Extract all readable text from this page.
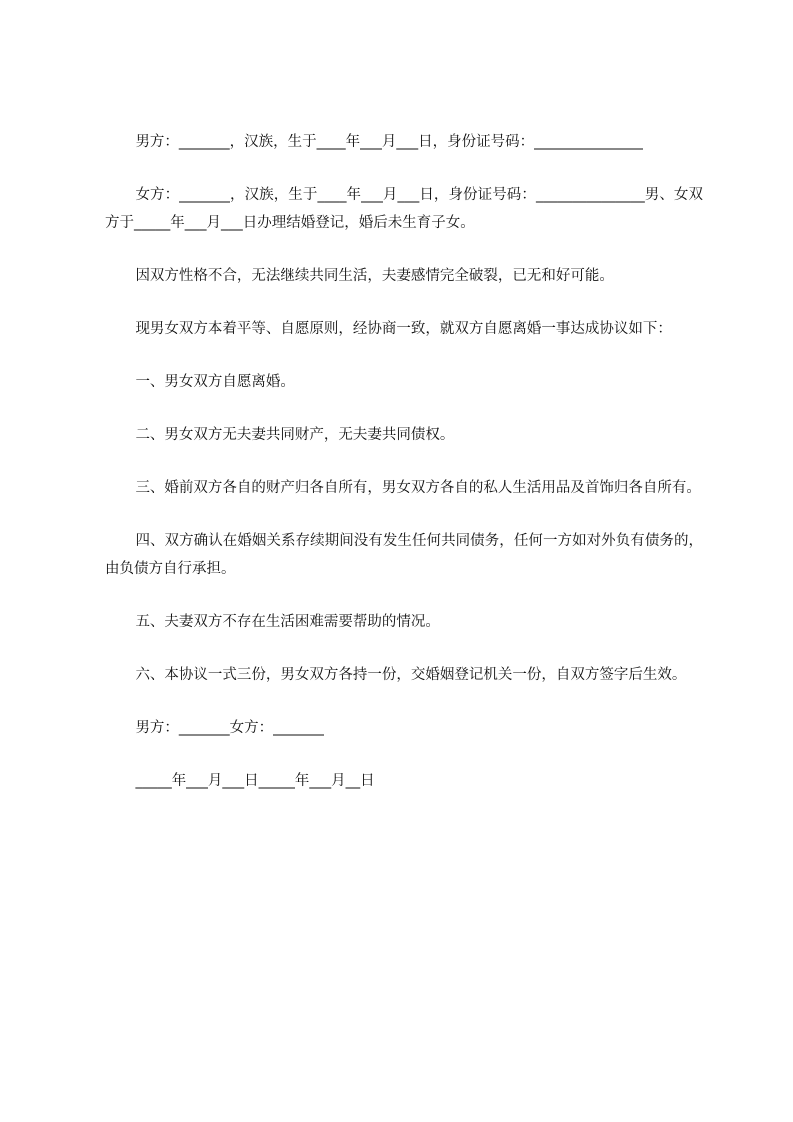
男方：_______，汉族，生于____年___月___日，身份证号码：_______________

女方：_______，汉族，生于____年___月___日，身份证号码：_______________男、女双方于_____年___月___日办理结婚登记，婚后未生育子女。

因双方性格不合，无法继续共同生活，夫妻感情完全破裂，已无和好可能。

现男女双方本着平等、自愿原则，经协商一致，就双方自愿离婚一事达成协议如下：

一、男女双方自愿离婚。

二、男女双方无夫妻共同财产，无夫妻共同债权。

三、婚前双方各自的财产归各自所有，男女双方各自的私人生活用品及首饰归各自所有。

四、双方确认在婚姻关系存续期间没有发生任何共同债务，任何一方如对外负有债务的，由负债方自行承担。

五、夫妻双方不存在生活困难需要帮助的情况。

六、本协议一式三份，男女双方各持一份，交婚姻登记机关一份，自双方签字后生效。

男方：_______女方：_______

_____年___月___日_____年___月__日
